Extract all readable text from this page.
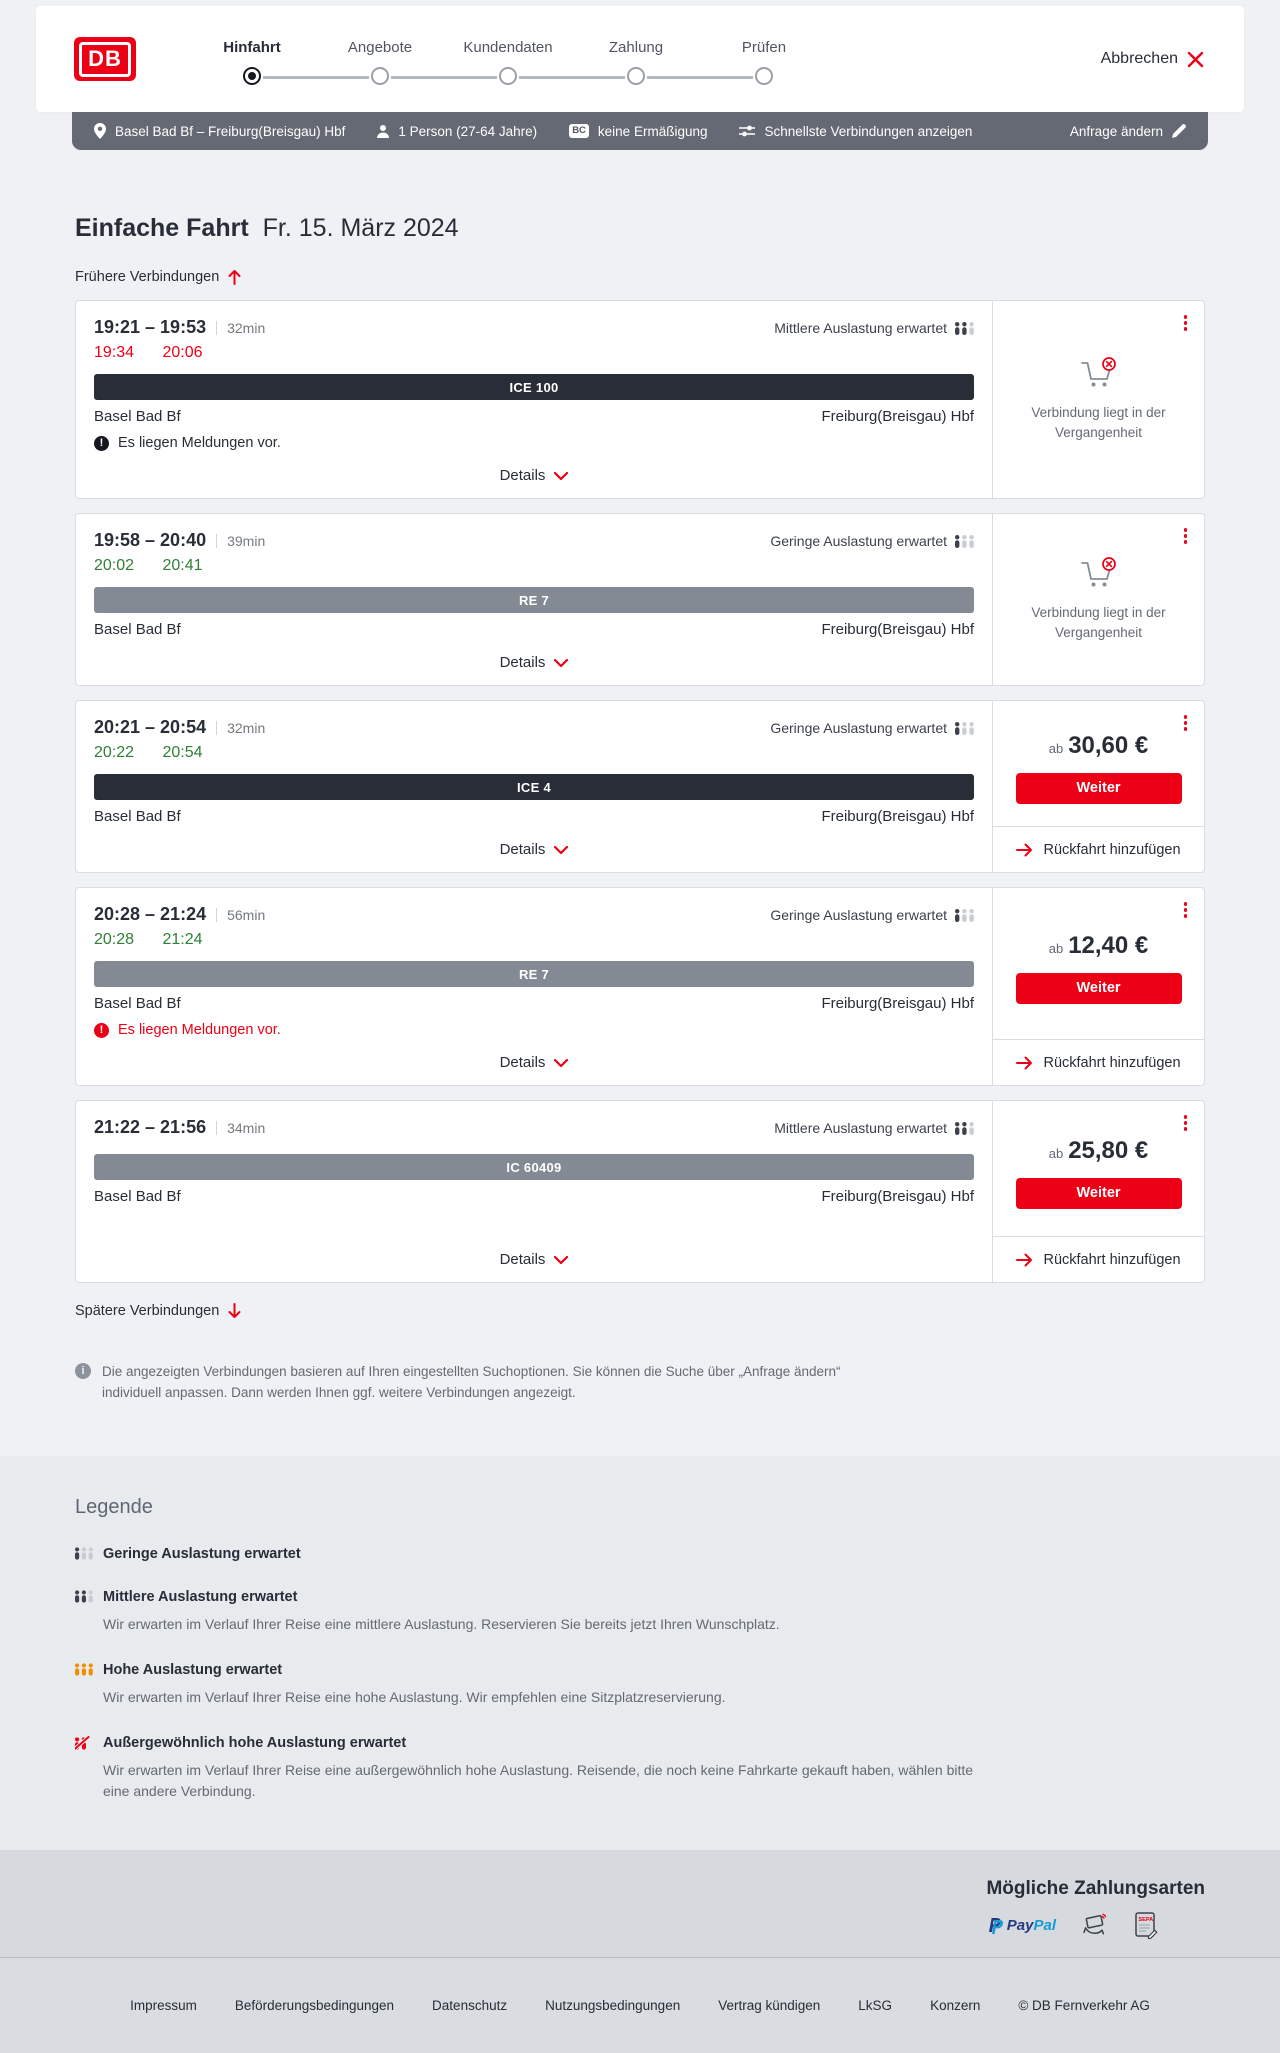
DB	Hinfahrt	Angebote	Kundendaten	Zahlung	Prüfen
Abbrechen
Basel Bad Bf – Freiburg(Breisgau) Hbf	1 Person (27-64 Jahre)	BC keine Ermäßigung	Schnellste Verbindungen anzeigen	Anfrage ändern
Einfache Fahrt Fr. 15. März 2024
Frühere Verbindungen
19:21 – 19:53 32min	Mittlere Auslastung erwartet
19:34 20:06
ICE 100
Basel Bad Bf	Freiburg(Breisgau) Hbf
!
Es liegen Meldungen vor.
Details

Verbindung liegt in der Vergangenheit

19:58 – 20:40 39min	Geringe Auslastung erwartet
20:02 20:41
RE 7
Basel Bad Bf	Freiburg(Breisgau) Hbf
Details

Verbindung liegt in der Vergangenheit

20:21 – 20:54 32min	Geringe Auslastung erwartet
20:22 20:54
ICE 4
Basel Bad Bf	Freiburg(Breisgau) Hbf
Details
ab 30,60 €
Weiter
Rückfahrt hinzufügen
20:28 – 21:24 56min	Geringe Auslastung erwartet
20:28 21:24
RE 7
Basel Bad Bf	Freiburg(Breisgau) Hbf
!
Es liegen Meldungen vor.
Details
ab 12,40 €
Weiter
Rückfahrt hinzufügen
21:22 – 21:56 34min	Mittlere Auslastung erwartet
IC 60409
Basel Bad Bf	Freiburg(Breisgau) Hbf
Details
ab 25,80 €
Weiter
Rückfahrt hinzufügen
Spätere Verbindungen
i

Die angezeigten Verbindungen basieren auf Ihren eingestellten Suchoptionen. Sie können die Suche über „Anfrage ändern“ individuell anpassen. Dann werden Ihnen ggf. weitere Verbindungen angezeigt.

Legende
Geringe Auslastung erwartet
Mittlere Auslastung erwartet

Wir erwarten im Verlauf Ihrer Reise eine mittlere Auslastung. Reservieren Sie bereits jetzt Ihren Wunschplatz.

Hohe Auslastung erwartet

Wir erwarten im Verlauf Ihrer Reise eine hohe Auslastung. Wir empfehlen eine Sitzplatzreservierung.

Außergewöhnlich hohe Auslastung erwartet

Wir erwarten im Verlauf Ihrer Reise eine außergewöhnlich hohe Auslastung. Reisende, die noch keine Fahrkarte gekauft haben, wählen bitte eine andere Verbindung.

Mögliche Zahlungsarten
Pay Pal	SEPA
Impressum	Beförderungsbedingungen	Datenschutz	Nutzungsbedingungen	Vertrag kündigen	LkSG	Konzern	© DB Fernverkehr AG
